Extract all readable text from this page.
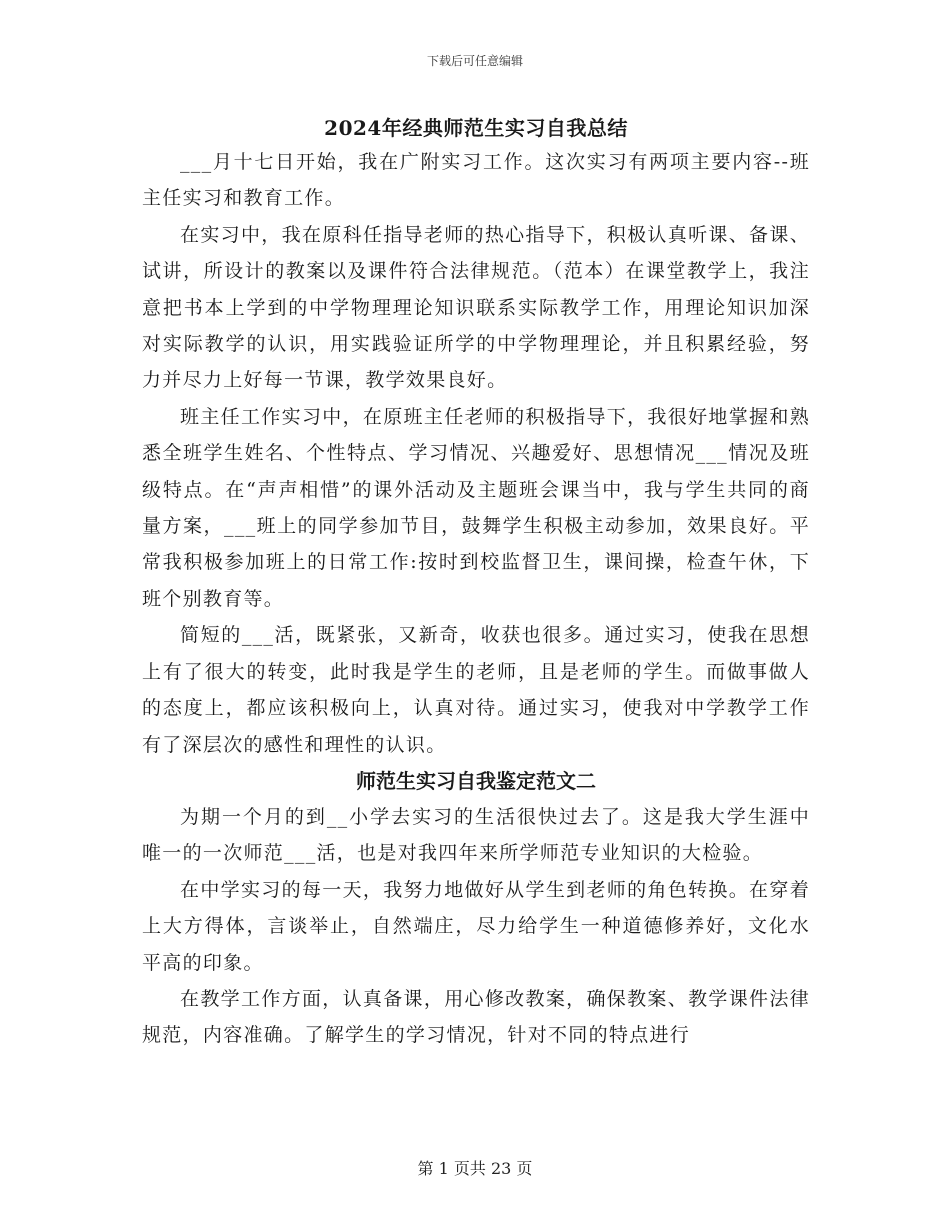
下载后可任意编辑
2024年经典师范生实习自我总结

___月十七日开始，我在广附实习工作。这次实习有两项主要内容--班主任实习和教育工作。

在实习中，我在原科任指导老师的热心指导下，积极认真听课、备课、试讲，所设计的教案以及课件符合法律规范。（范本）在课堂教学上，我注意把书本上学到的中学物理理论知识联系实际教学工作，用理论知识加深对实际教学的认识，用实践验证所学的中学物理理论，并且积累经验，努力并尽力上好每一节课，教学效果良好。

班主任工作实习中，在原班主任老师的积极指导下，我很好地掌握和熟悉全班学生姓名、个性特点、学习情况、兴趣爱好、思想情况___情况及班级特点。在“声声相惜”的课外活动及主题班会课当中，我与学生共同的商量方案，___班上的同学参加节目，鼓舞学生积极主动参加，效果良好。平常我积极参加班上的日常工作:按时到校监督卫生，课间操，检查午休，下班个别教育等。

简短的___活，既紧张，又新奇，收获也很多。通过实习，使我在思想上有了很大的转变，此时我是学生的老师，且是老师的学生。而做事做人的态度上，都应该积极向上，认真对待。通过实习，使我对中学教学工作有了深层次的感性和理性的认识。

师范生实习自我鉴定范文二

为期一个月的到__小学去实习的生活很快过去了。这是我大学生涯中唯一的一次师范___活，也是对我四年来所学师范专业知识的大检验。

在中学实习的每一天，我努力地做好从学生到老师的角色转换。在穿着上大方得体，言谈举止，自然端庄，尽力给学生一种道德修养好，文化水平高的印象。

在教学工作方面，认真备课，用心修改教案，确保教案、教学课件法律规范，内容准确。了解学生的学习情况，针对不同的特点进行

第 1 页共 23 页
